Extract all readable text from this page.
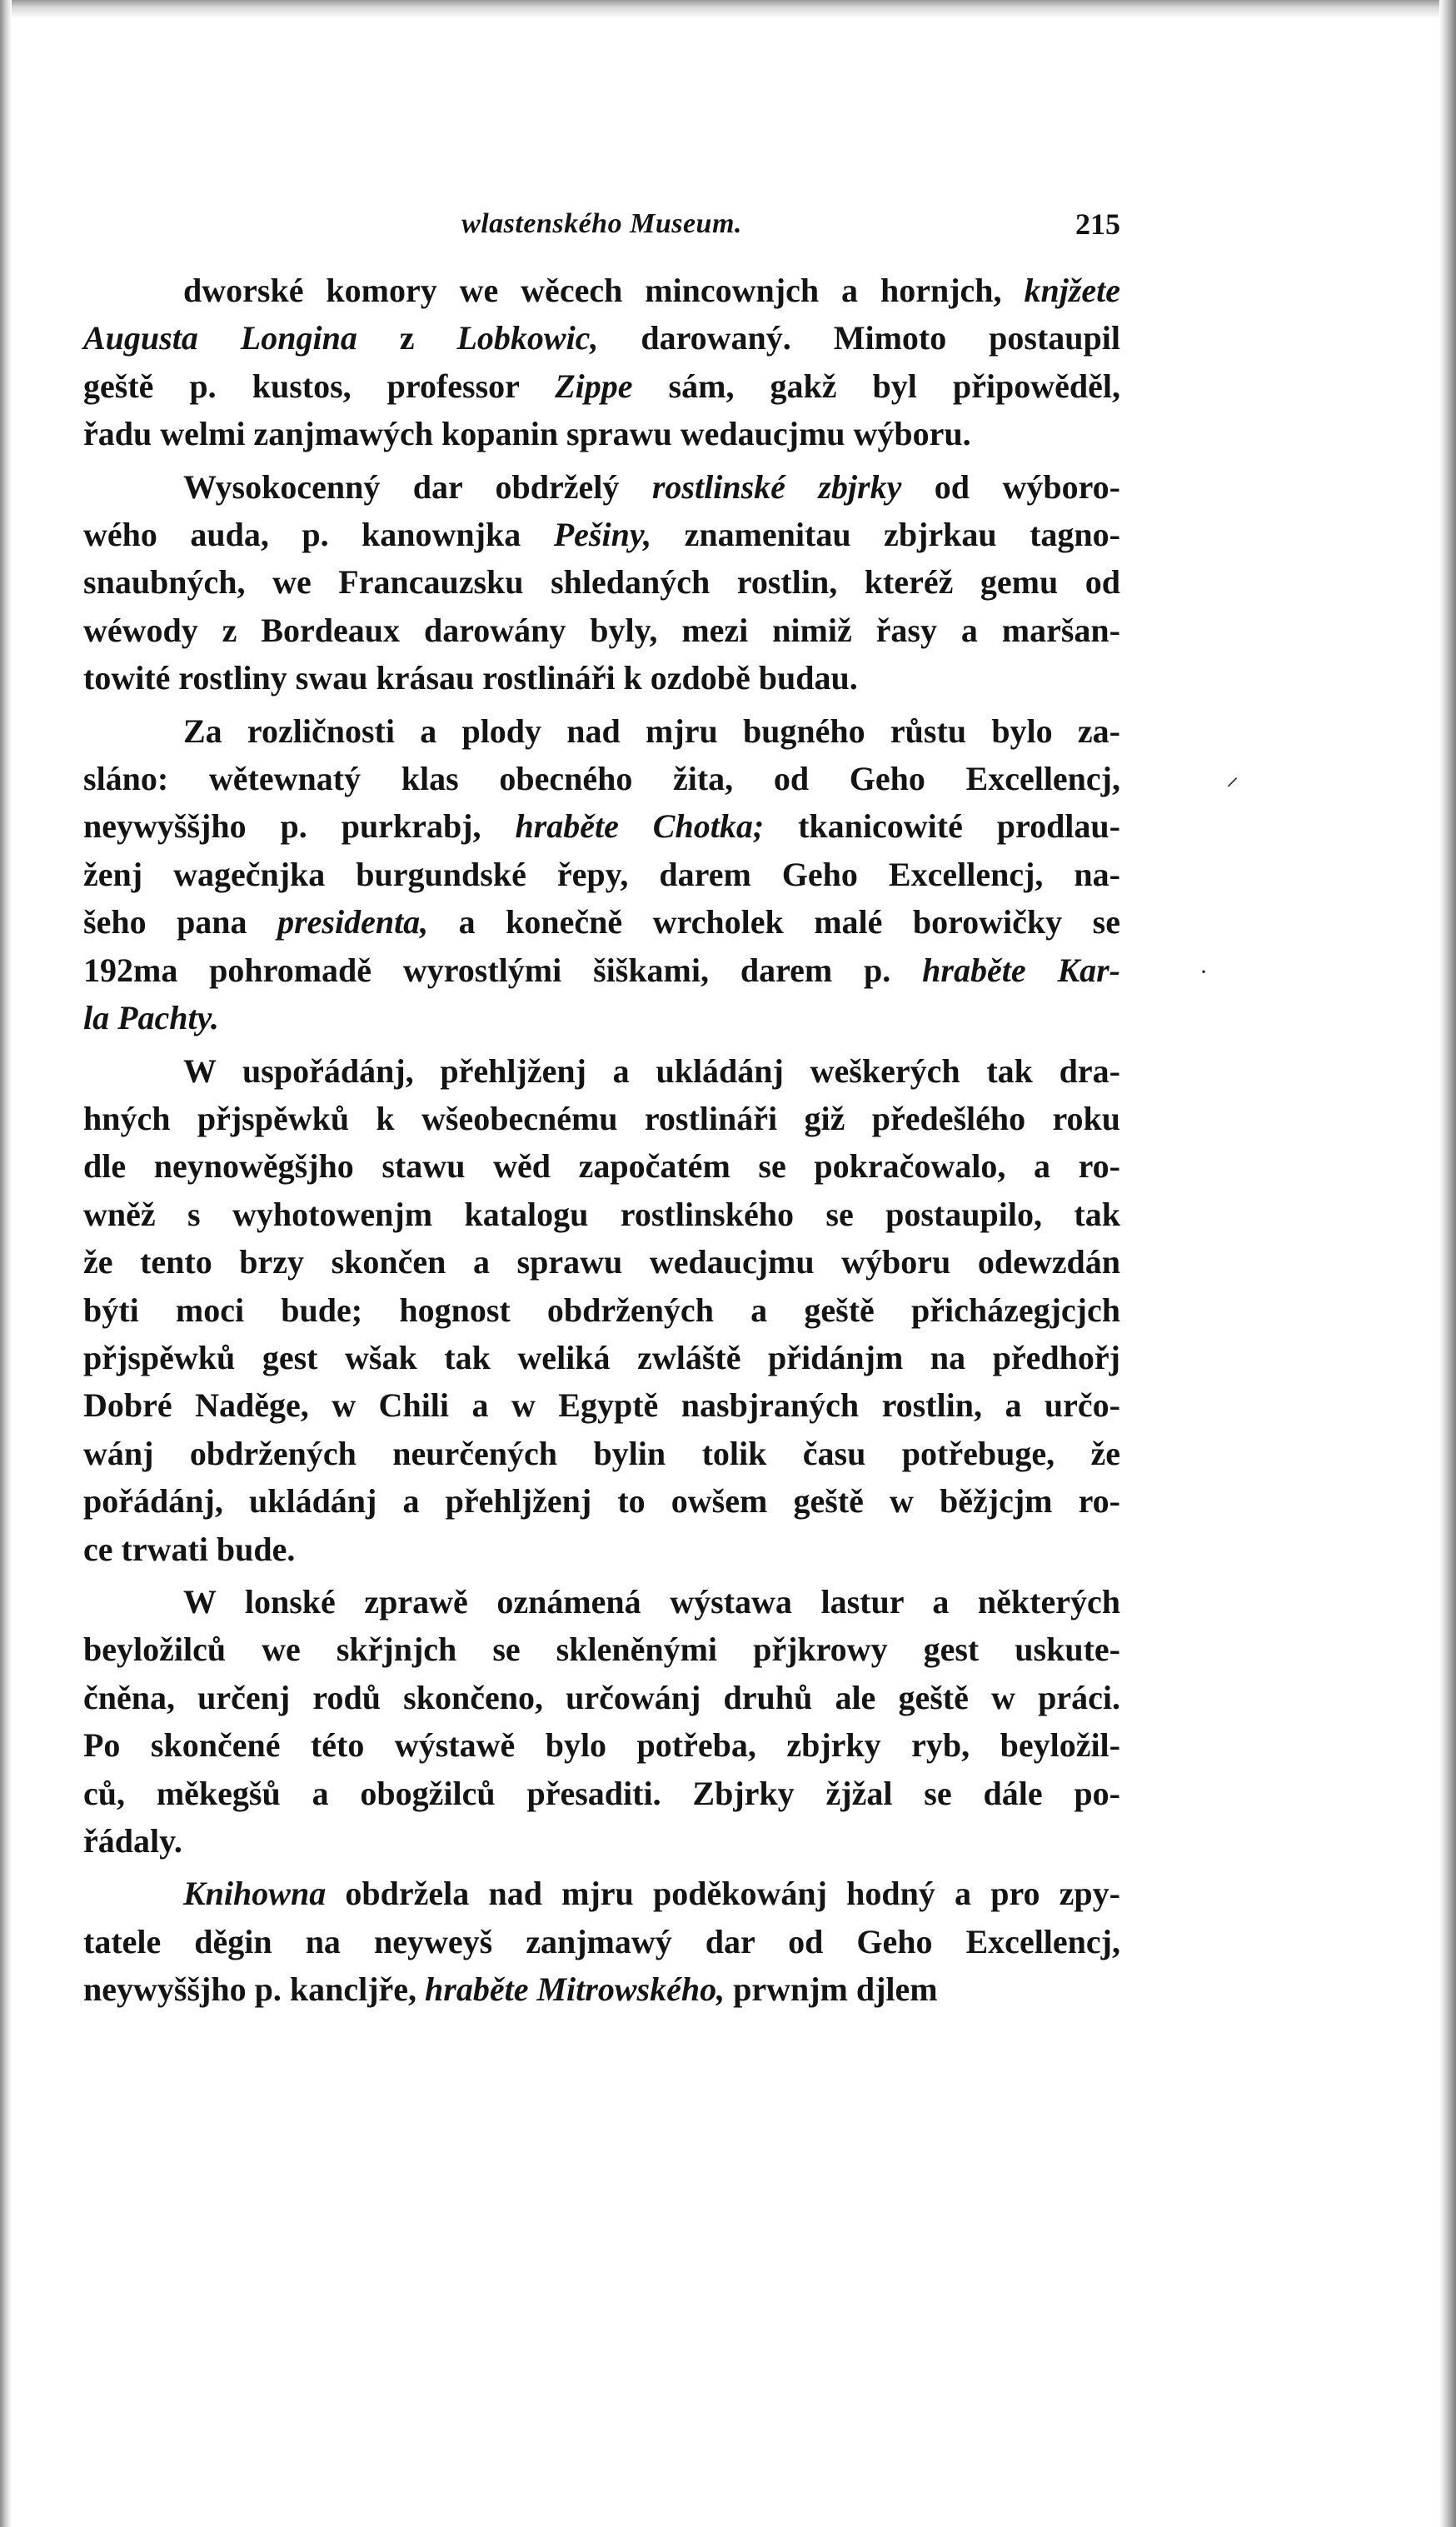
wlastenského Museum.	215
dworské komory we wěcech mincownjch a hornjch, knjžete
Augusta Longina z Lobkowic, darowaný. Mimoto postaupil
geště p. kustos, professor Zippe sám, gakž byl připowěděl,
řadu welmi zanjmawých kopanin sprawu wedaucjmu wýboru.
Wysokocenný dar obdrželý rostlinské zbjrky od wýboro-
wého auda, p. kanownjka Pešiny, znamenitau zbjrkau tagno-
snaubných, we Francauzsku shledaných rostlin, kteréž gemu od
wéwody z Bordeaux darowány byly, mezi nimiž řasy a maršan-
towité rostliny swau krásau rostlináři k ozdobě budau.
Za rozličnosti a plody nad mjru bugného růstu bylo za-
sláno: wětewnatý klas obecného žita, od Geho Excellencj,
neywyššjho p. purkrabj, hraběte Chotka; tkanicowité prodlau-
ženj wagečnjka burgundské řepy, darem Geho Excellencj, na-
šeho pana presidenta, a konečně wrcholek malé borowičky se
192ma pohromadě wyrostlými šiškami, darem p. hraběte Kar-
la Pachty.
W uspořádánj, přehljženj a ukládánj weškerých tak dra-
hných přjspěwků k wšeobecnému rostlináři giž předešlého roku
dle neynowěgšjho stawu wěd započatém se pokračowalo, a ro-
wněž s wyhotowenjm katalogu rostlinského se postaupilo, tak
že tento brzy skončen a sprawu wedaucjmu wýboru odewzdán
býti moci bude; hognost obdržených a geště přicházegjcjch
přjspěwků gest wšak tak weliká zwláště přidánjm na předhořj
Dobré Naděge, w Chili a w Egyptě nasbjraných rostlin, a určo-
wánj obdržených neurčených bylin tolik času potřebuge, že
pořádánj, ukládánj a přehljženj to owšem geště w běžjcjm ro-
ce trwati bude.
W lonské zprawě oznámená wýstawa lastur a některých
beyložilců we skřjnjch se skleněnými přjkrowy gest uskute-
čněna, určenj rodů skončeno, určowánj druhů ale geště w práci.
Po skončené této wýstawě bylo potřeba, zbjrky ryb, beyložil-
ců, měkegšů a obogžilců přesaditi. Zbjrky žjžal se dále po-
řádaly.
Knihowna obdržela nad mjru poděkowánj hodný a pro zpy-
tatele děgin na neyweyš zanjmawý dar od Geho Excellencj,
neywyššjho p. kancljře, hraběte Mitrowského, prwnjm djlem
⸝
·
